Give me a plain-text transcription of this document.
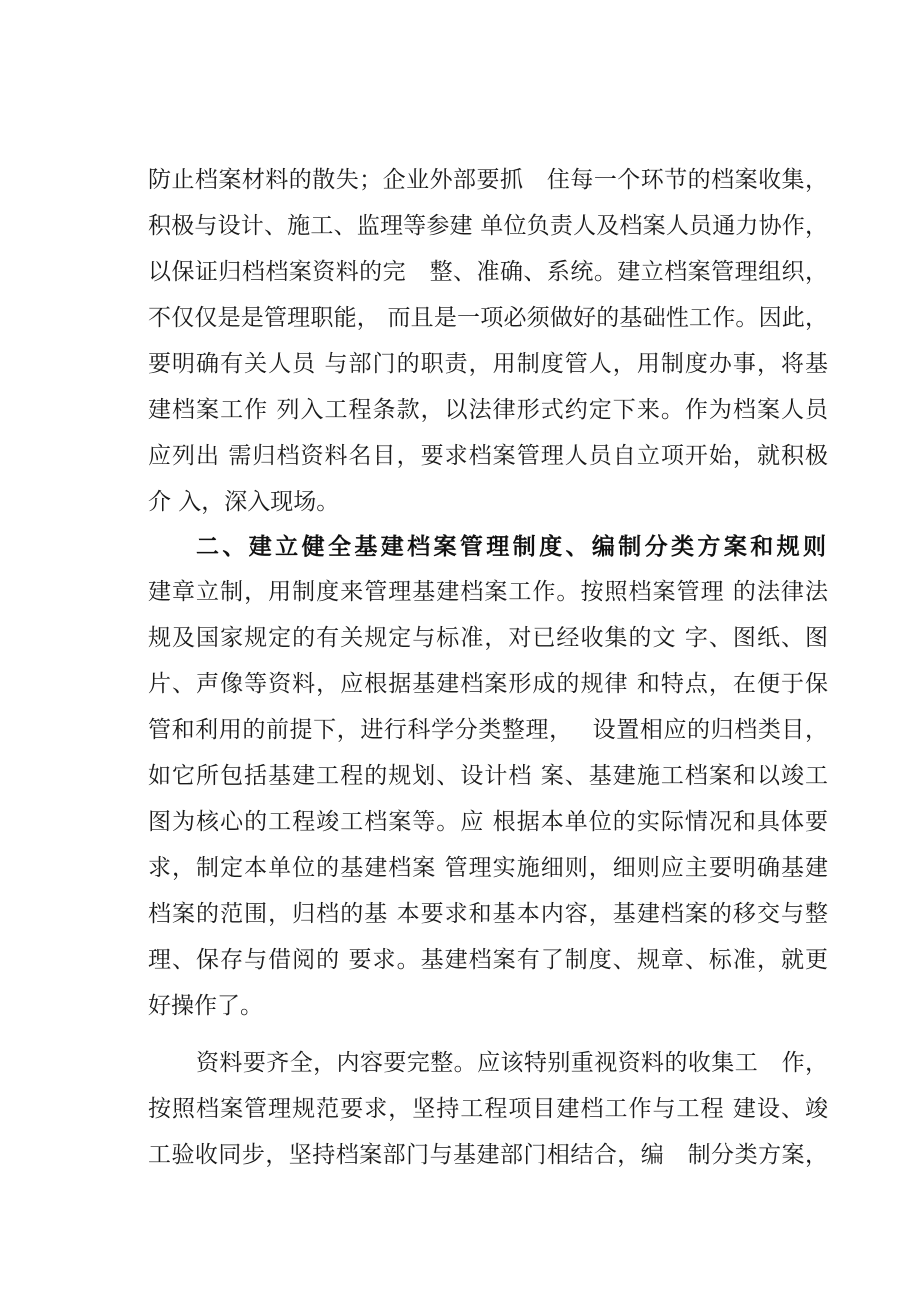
防止档案材料的散失；企业外部要抓　住每一个环节的档案收集，
积极与设计、施工、监理等参建 单位负责人及档案人员通力协作，
以保证归档档案资料的完　整、准确、系统。建立档案管理组织，
不仅仅是是管理职能， 而且是一项必须做好的基础性工作。因此，
要明确有关人员 与部门的职责，用制度管人，用制度办事，将基
建档案工作 列入工程条款，以法律形式约定下来。作为档案人员
应列出 需归档资料名目，要求档案管理人员自立项开始，就积极
介 入，深入现场。
二、建立健全基建档案管理制度、编制分类方案和规则
建章立制，用制度来管理基建档案工作。按照档案管理 的法律法
规及国家规定的有关规定与标准，对已经收集的文 字、图纸、图
片、声像等资料，应根据基建档案形成的规律 和特点，在便于保
管和利用的前提下，进行科学分类整理，　 设置相应的归档类目，
如它所包括基建工程的规划、设计档 案、基建施工档案和以竣工
图为核心的工程竣工档案等。应 根据本单位的实际情况和具体要
求，制定本单位的基建档案 管理实施细则，细则应主要明确基建
档案的范围，归档的基 本要求和基本内容，基建档案的移交与整
理、保存与借阅的 要求。基建档案有了制度、规章、标准，就更
好操作了。
资料要齐全，内容要完整。应该特别重视资料的收集工　作，
按照档案管理规范要求，坚持工程项目建档工作与工程 建设、竣
工验收同步，坚持档案部门与基建部门相结合，编　制分类方案，
